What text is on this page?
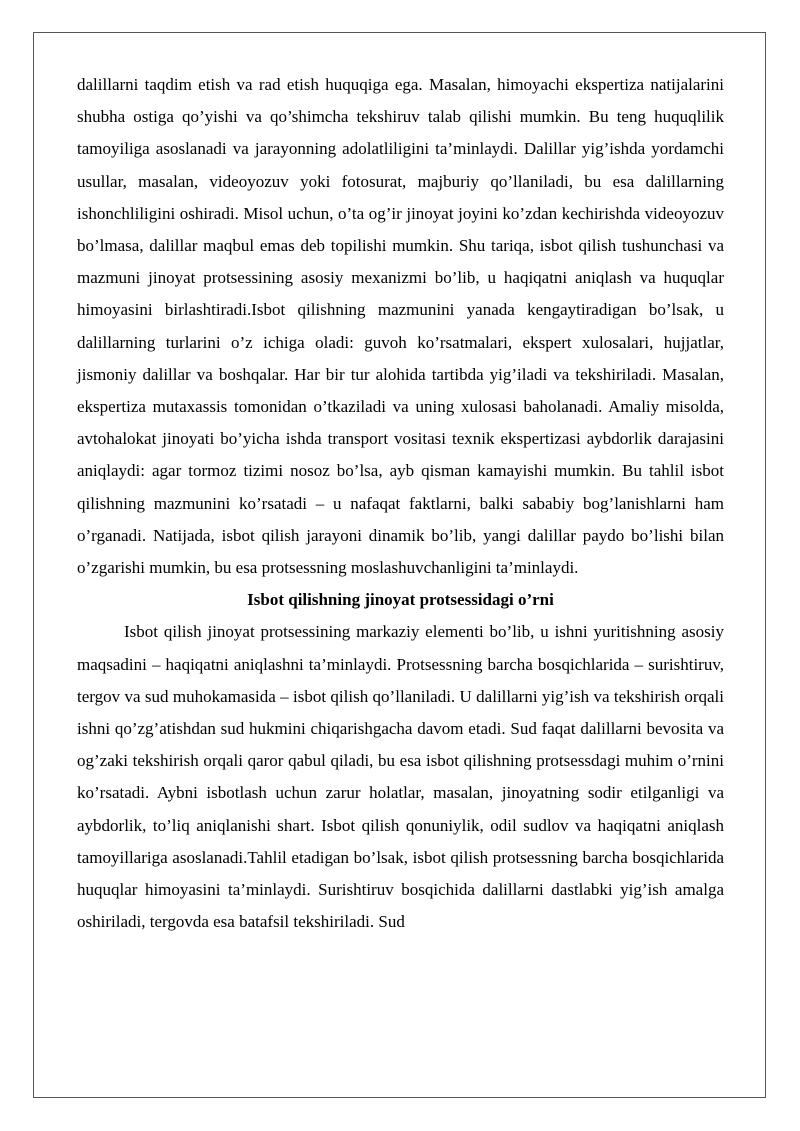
dalillarni taqdim etish va rad etish huquqiga ega. Masalan, himoyachi ekspertiza natijalarini shubha ostiga qo’yishi va qo’shimcha tekshiruv talab qilishi mumkin. Bu teng huquqlilik tamoyiliga asoslanadi va jarayonning adolatliligini ta’minlaydi. Dalillar yig’ishda yordamchi usullar, masalan, videoyozuv yoki fotosurat, majburiy qo’llaniladi, bu esa dalillarning ishonchliligini oshiradi. Misol uchun, o’ta og’ir jinoyat joyini ko’zdan kechirishda videoyozuv bo’lmasa, dalillar maqbul emas deb topilishi mumkin. Shu tariqa, isbot qilish tushunchasi va mazmuni jinoyat protsessining asosiy mexanizmi bo’lib, u haqiqatni aniqlash va huquqlar himoyasini birlashtiradi.Isbot qilishning mazmunini yanada kengaytiradigan bo’lsak, u dalillarning turlarini o’z ichiga oladi: guvoh ko’rsatmalari, ekspert xulosalari, hujjatlar, jismoniy dalillar va boshqalar. Har bir tur alohida tartibda yig’iladi va tekshiriladi. Masalan, ekspertiza mutaxassis tomonidan o’tkaziladi va uning xulosasi baholanadi. Amaliy misolda, avtohalokat jinoyati bo’yicha ishda transport vositasi texnik ekspertizasi aybdorlik darajasini aniqlaydi: agar tormoz tizimi nosoz bo’lsa, ayb qisman kamayishi mumkin. Bu tahlil isbot qilishning mazmunini ko’rsatadi – u nafaqat faktlarni, balki sababiy bog’lanishlarni ham o’rganadi. Natijada, isbot qilish jarayoni dinamik bo’lib, yangi dalillar paydo bo’lishi bilan o’zgarishi mumkin, bu esa protsessning moslashuvchanligini ta’minlaydi.

Isbot qilishning jinoyat protsessidagi o’rni

Isbot qilish jinoyat protsessining markaziy elementi bo’lib, u ishni yuritishning asosiy maqsadini – haqiqatni aniqlashni ta’minlaydi. Protsessning barcha bosqichlarida – surishtiruv, tergov va sud muhokamasida – isbot qilish qo’llaniladi. U dalillarni yig’ish va tekshirish orqali ishni qo’zg’atishdan sud hukmini chiqarishgacha davom etadi. Sud faqat dalillarni bevosita va og’zaki tekshirish orqali qaror qabul qiladi, bu esa isbot qilishning protsessdagi muhim o’rnini ko’rsatadi. Aybni isbotlash uchun zarur holatlar, masalan, jinoyatning sodir etilganligi va aybdorlik, to’liq aniqlanishi shart. Isbot qilish qonuniylik, odil sudlov va haqiqatni aniqlash tamoyillariga asoslanadi.Tahlil etadigan bo’lsak, isbot qilish protsessning barcha bosqichlarida huquqlar himoyasini ta’minlaydi. Surishtiruv bosqichida dalillarni dastlabki yig’ish amalga oshiriladi, tergovda esa batafsil tekshiriladi. Sud
